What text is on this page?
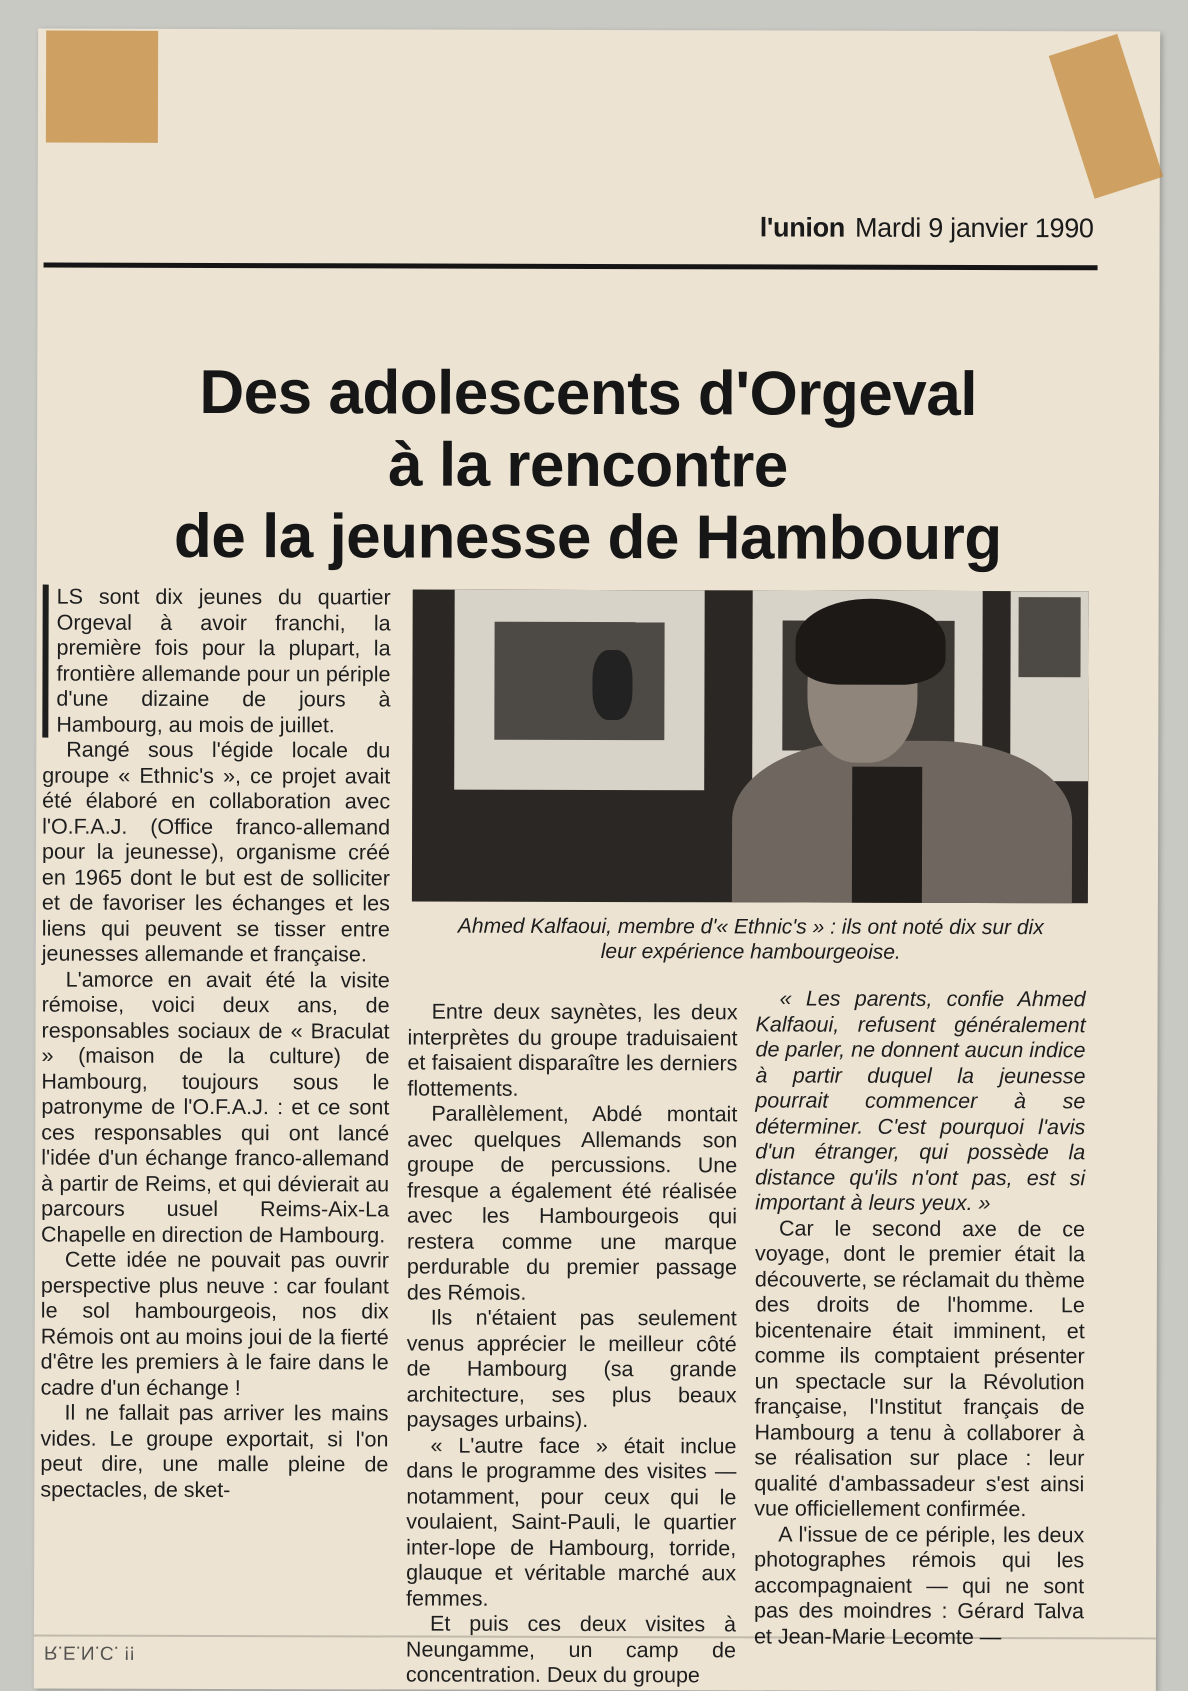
l'union Mardi 9 janvier 1990
Des adolescents d'Orgeval
à la rencontre
de la jeunesse de Hambourg
Ahmed Kalfaoui, membre d'« Ethnic's » : ils ont noté dix sur dix
leur expérience hambourgeoise.

LS sont dix jeunes du quartier Orgeval à avoir franchi, la première fois pour la plupart, la frontière allemande pour un périple d'une dizaine de jours à Hambourg, au mois de juillet.

Rangé sous l'égide locale du groupe « Ethnic's », ce projet avait été élaboré en collaboration avec l'O.F.A.J. (Office franco-allemand pour la jeunesse), organisme créé en 1965 dont le but est de solliciter et de favoriser les échanges et les liens qui peuvent se tisser entre jeunesses allemande et française.

L'amorce en avait été la visite rémoise, voici deux ans, de responsables sociaux de « Braculat » (maison de la culture) de Hambourg, toujours sous le patronyme de l'O.F.A.J. : et ce sont ces responsables qui ont lancé l'idée d'un échange franco-allemand à partir de Reims, et qui dévierait au parcours usuel Reims-Aix-La Chapelle en direction de Hambourg.

Cette idée ne pouvait pas ouvrir perspective plus neuve : car foulant le sol hambourgeois, nos dix Rémois ont au moins joui de la fierté d'être les premiers à le faire dans le cadre d'un échange !

Il ne fallait pas arriver les mains vides. Le groupe exportait, si l'on peut dire, une malle pleine de spectacles, de sket-

Entre deux saynètes, les deux interprètes du groupe traduisaient et faisaient disparaître les derniers flottements.

Parallèlement, Abdé montait avec quelques Allemands son groupe de percussions. Une fresque a également été réalisée avec les Hambourgeois qui restera comme une marque perdurable du premier passage des Rémois.

Ils n'étaient pas seulement venus apprécier le meilleur côté de Hambourg (sa grande architecture, ses plus beaux paysages urbains).

« L'autre face » était inclue dans le programme des visites — notamment, pour ceux qui le voulaient, Saint-Pauli, le quartier inter-lope de Hambourg, torride, glauque et véritable marché aux femmes.

Et puis ces deux visites à Neungamme, un camp de concentration. Deux du groupe

« Les parents, confie Ahmed Kalfaoui, refusent généralement de parler, ne donnent aucun indice à partir duquel la jeunesse pourrait commencer à se déterminer. C'est pourquoi l'avis d'un étranger, qui possède la distance qu'ils n'ont pas, est si important à leurs yeux. »

Car le second axe de ce voyage, dont le premier était la découverte, se réclamait du thème des droits de l'homme. Le bicentenaire était imminent, et comme ils comptaient présenter un spectacle sur la Révolution française, l'Institut français de Hambourg a tenu à collaborer à se réalisation sur place : leur qualité d'ambassadeur s'est ainsi vue officiellement confirmée.

A l'issue de ce périple, les deux photographes rémois qui les accompagnaient — qui ne sont pas des moindres : Gérard Talva et Jean-Marie Lecomte —

R.E.N.C. !!
